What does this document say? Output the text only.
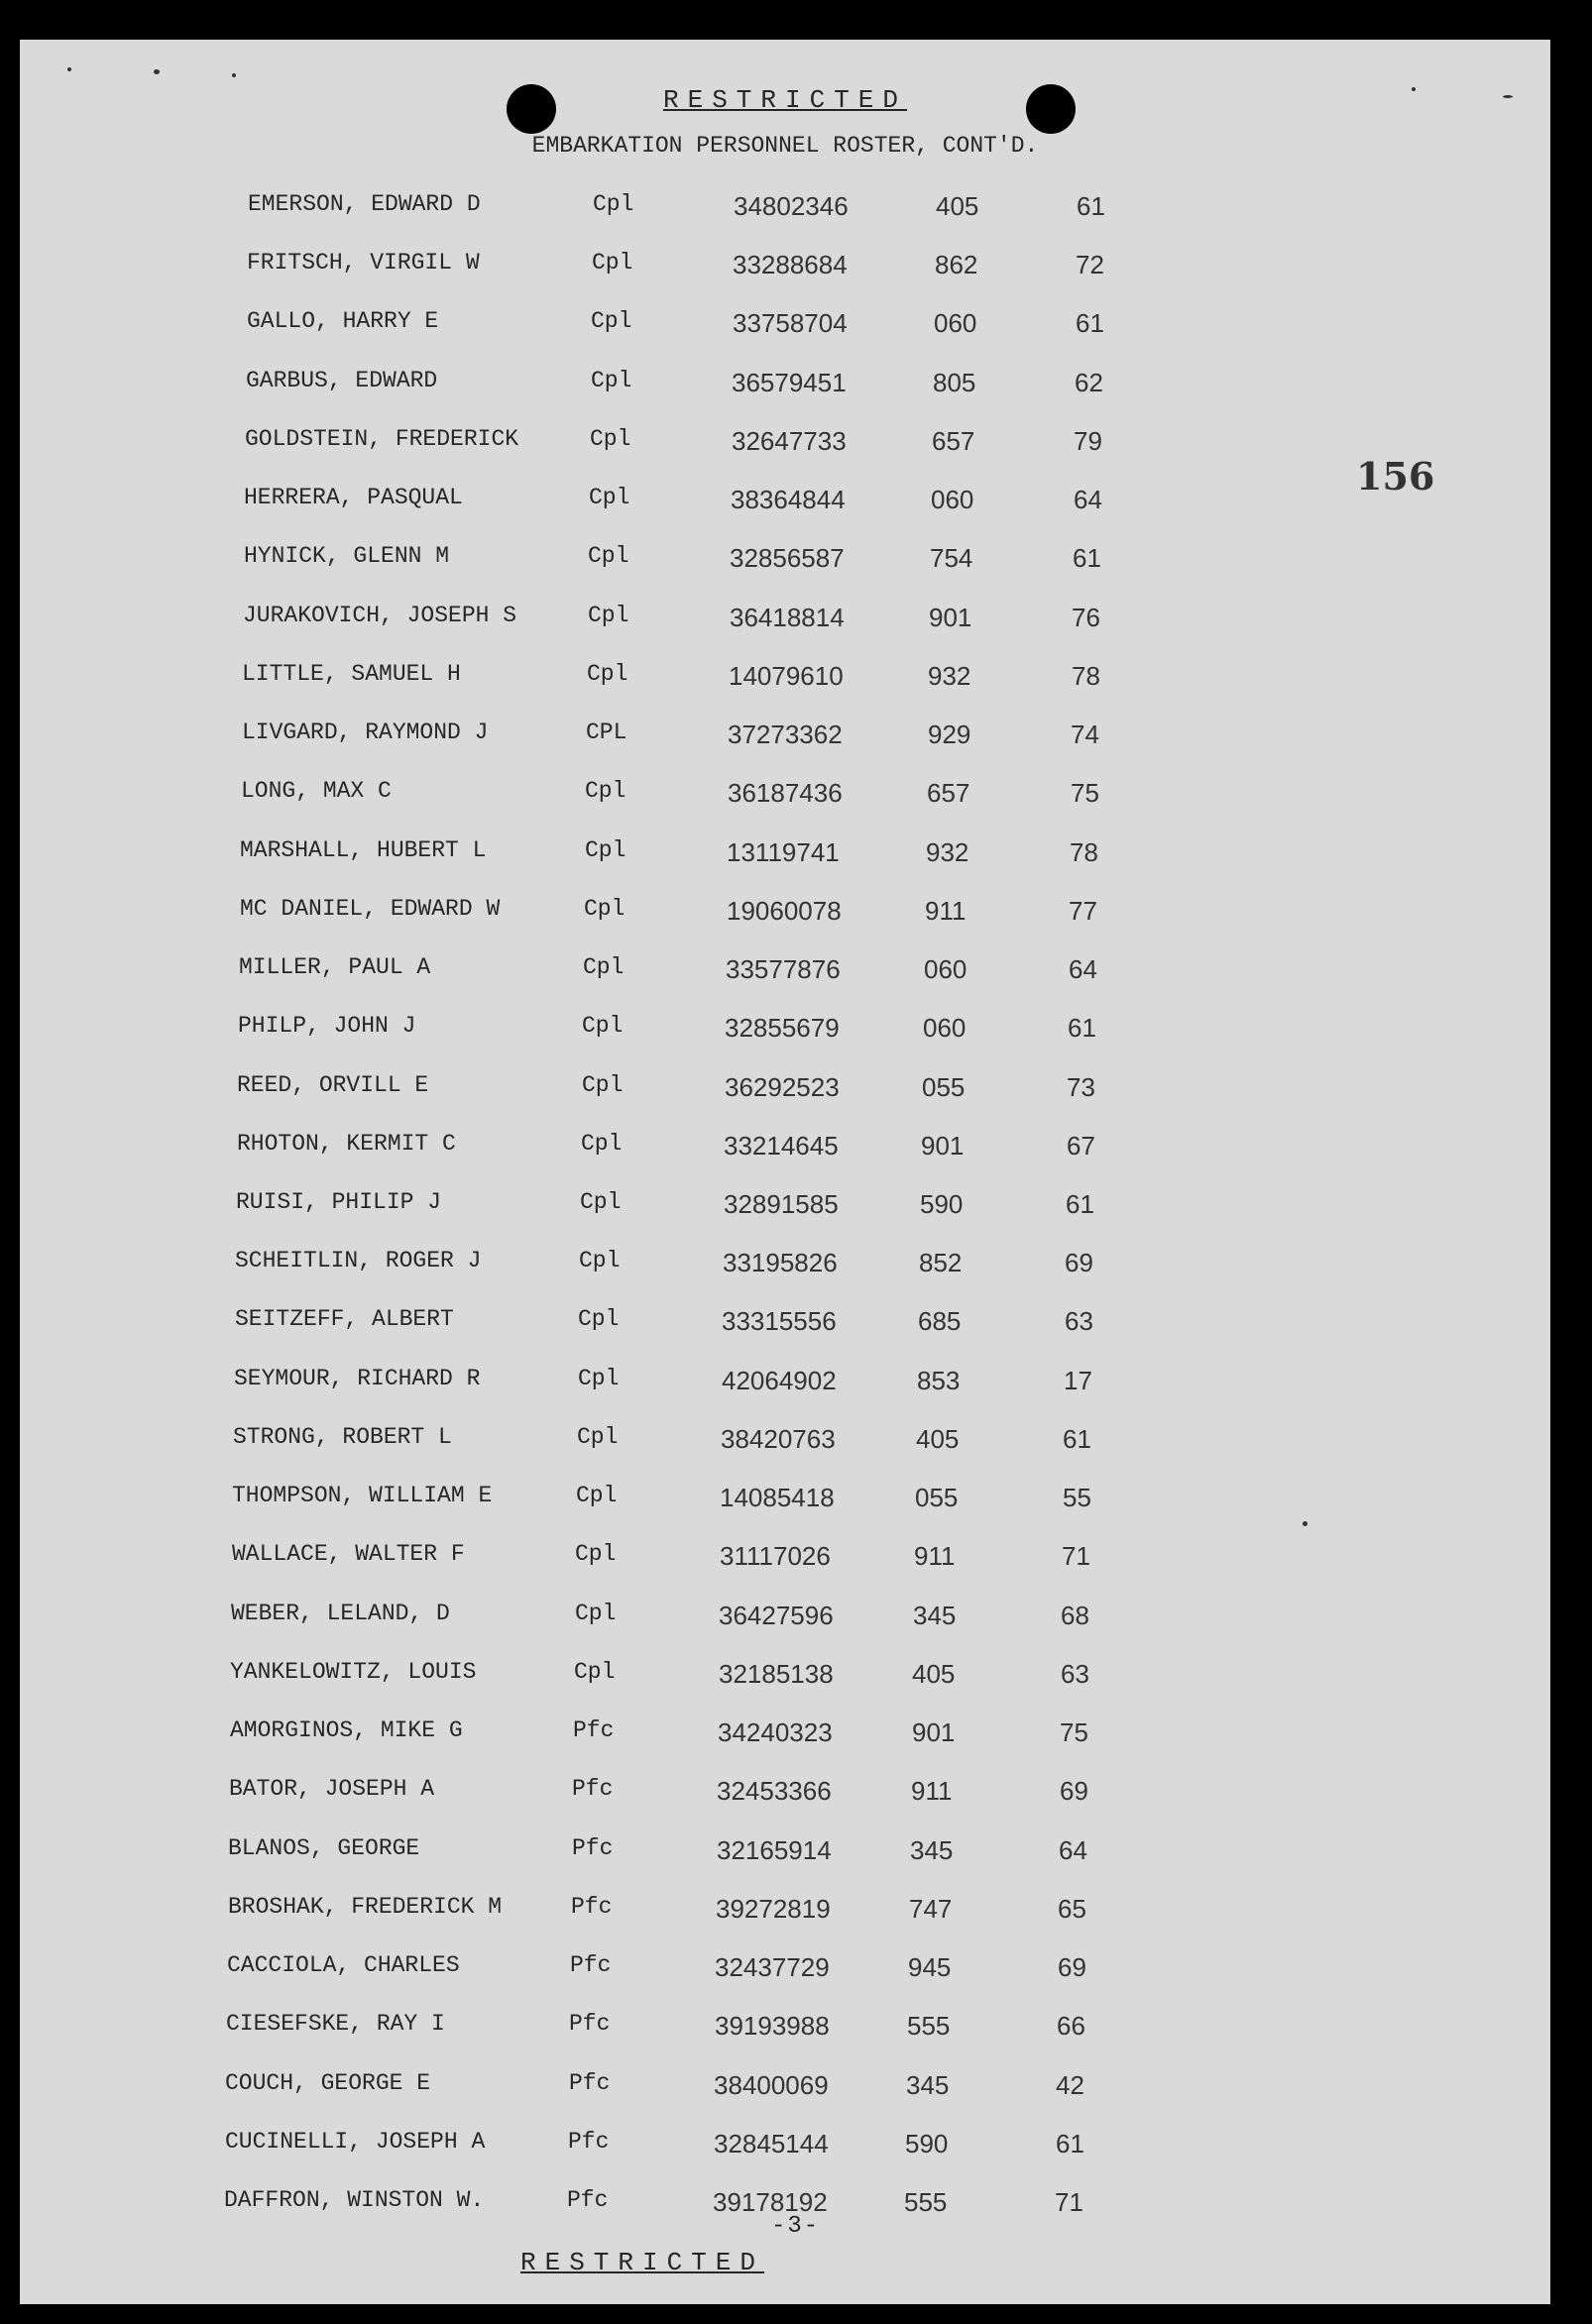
RESTRICTED
EMBARKATION PERSONNEL ROSTER, CONT'D.
156
EMERSON, EDWARD D	Cpl	34802346	405	61
FRITSCH, VIRGIL W	Cpl	33288684	862	72
GALLO, HARRY E	Cpl	33758704	060	61
GARBUS, EDWARD	Cpl	36579451	805	62
GOLDSTEIN, FREDERICK	Cpl	32647733	657	79
HERRERA, PASQUAL	Cpl	38364844	060	64
HYNICK, GLENN M	Cpl	32856587	754	61
JURAKOVICH, JOSEPH S	Cpl	36418814	901	76
LITTLE, SAMUEL H	Cpl	14079610	932	78
LIVGARD, RAYMOND J	CPL	37273362	929	74
LONG, MAX C	Cpl	36187436	657	75
MARSHALL, HUBERT L	Cpl	13119741	932	78
MC DANIEL, EDWARD W	Cpl	19060078	911	77
MILLER, PAUL A	Cpl	33577876	060	64
PHILP, JOHN J	Cpl	32855679	060	61
REED, ORVILL E	Cpl	36292523	055	73
RHOTON, KERMIT C	Cpl	33214645	901	67
RUISI, PHILIP J	Cpl	32891585	590	61
SCHEITLIN, ROGER J	Cpl	33195826	852	69
SEITZEFF, ALBERT	Cpl	33315556	685	63
SEYMOUR, RICHARD R	Cpl	42064902	853	17
STRONG, ROBERT L	Cpl	38420763	405	61
THOMPSON, WILLIAM E	Cpl	14085418	055	55
WALLACE, WALTER F	Cpl	31117026	911	71
WEBER, LELAND, D	Cpl	36427596	345	68
YANKELOWITZ, LOUIS	Cpl	32185138	405	63
AMORGINOS, MIKE G	Pfc	34240323	901	75
BATOR, JOSEPH A	Pfc	32453366	911	69
BLANOS, GEORGE	Pfc	32165914	345	64
BROSHAK, FREDERICK M	Pfc	39272819	747	65
CACCIOLA, CHARLES	Pfc	32437729	945	69
CIESEFSKE, RAY I	Pfc	39193988	555	66
COUCH, GEORGE E	Pfc	38400069	345	42
CUCINELLI, JOSEPH A	Pfc	32845144	590	61
DAFFRON, WINSTON W.	Pfc	39178192	555	71
-3-
RESTRICTED
